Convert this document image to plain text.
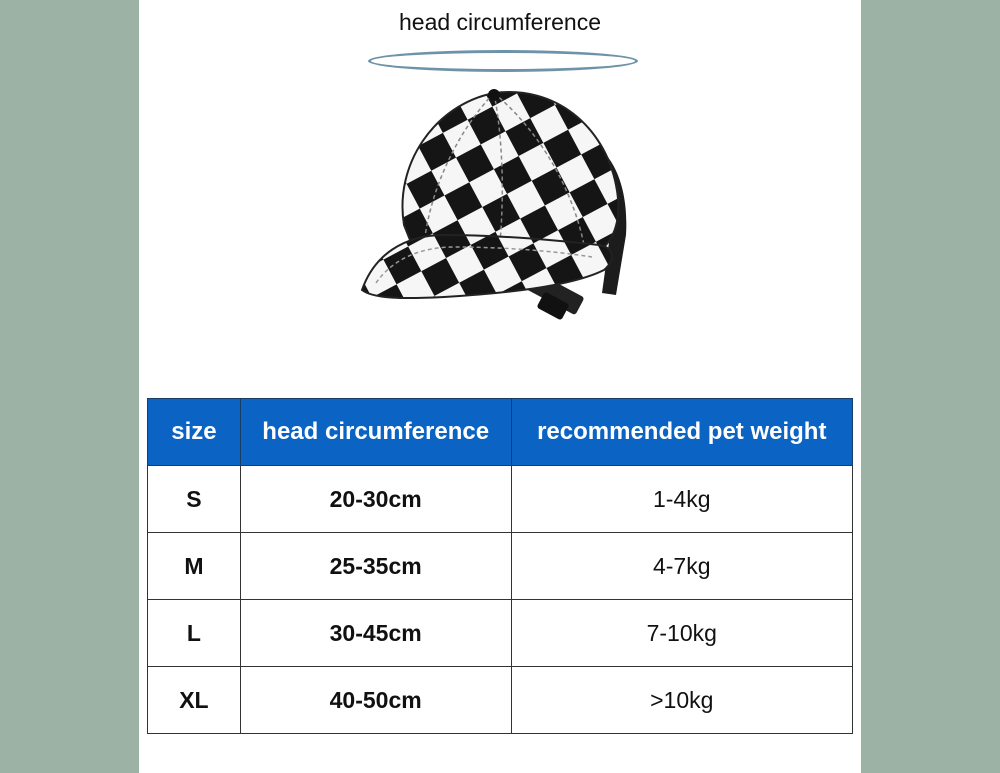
head circumference
size	head circumference	recommended pet weight
S	20-30cm	1-4kg
M	25-35cm	4-7kg
L	30-45cm	7-10kg
XL	40-50cm	>10kg
